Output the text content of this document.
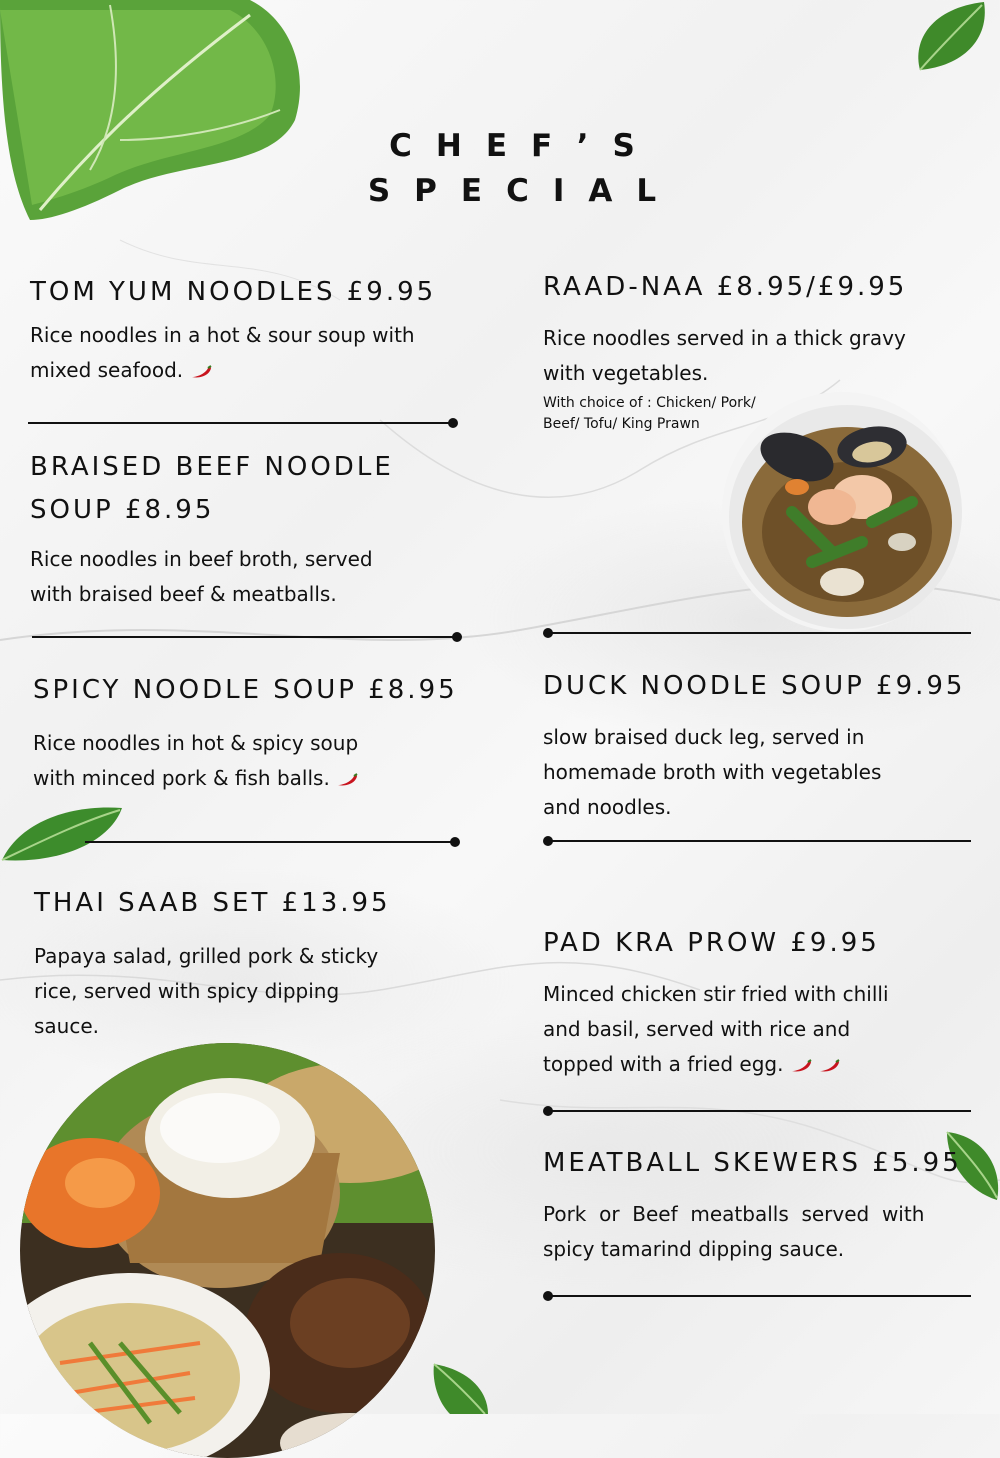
CHEF’S
SPECIAL
TOM YUM NOODLES £9.95
Rice noodles in a hot & sour soup with
mixed seafood.
BRAISED BEEF NOODLE
SOUP £8.95
Rice noodles in beef broth, served
with braised beef & meatballs.
SPICY NOODLE SOUP £8.95
Rice noodles in hot & spicy soup
with minced pork & fish balls.
THAI SAAB SET £13.95
Papaya salad, grilled pork & sticky
rice, served with spicy dipping
sauce.
RAAD-NAA £8.95/£9.95
Rice noodles served in a thick gravy
with vegetables.
With choice of : Chicken/ Pork/
Beef/ Tofu/ King Prawn
DUCK NOODLE SOUP £9.95
slow braised duck leg, served in
homemade broth with vegetables
and noodles.
PAD KRA PROW £9.95
Minced chicken stir fried with chilli
and basil, served with rice and
topped with a fried egg.
MEATBALL SKEWERS £5.95
Pork  or  Beef  meatballs  served  with
spicy tamarind dipping sauce.
